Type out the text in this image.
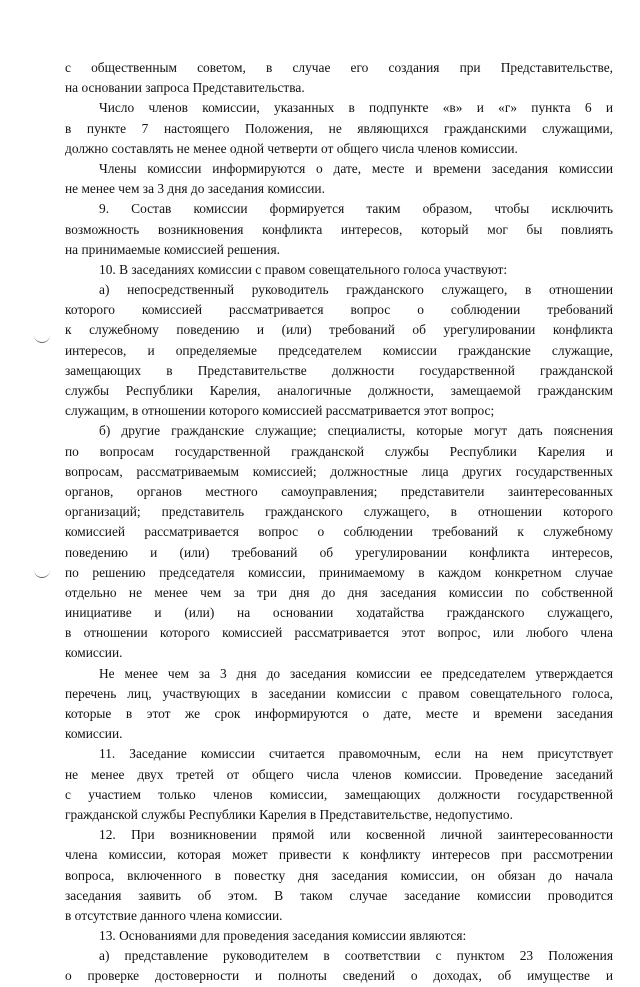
с общественным советом, в случае его создания при Представительстве,
на основании запроса Представительства.
Число членов комиссии, указанных в подпункте «в» и «г» пункта 6 и
в пункте 7 настоящего Положения, не являющихся гражданскими служащими,
должно составлять не менее одной четверти от общего числа членов комиссии.
Члены комиссии информируются о дате, месте и времени заседания комиссии
не менее чем за 3 дня до заседания комиссии.
9. Состав комиссии формируется таким образом, чтобы исключить
возможность возникновения конфликта интересов, который мог бы повлиять
на принимаемые комиссией решения.
10. В заседаниях комиссии с правом совещательного голоса участвуют:
а) непосредственный руководитель гражданского служащего, в отношении
которого комиссией рассматривается вопрос о соблюдении требований
к служебному поведению и (или) требований об урегулировании конфликта
интересов, и определяемые председателем комиссии гражданские служащие,
замещающих в Представительстве должности государственной гражданской
службы Республики Карелия, аналогичные должности, замещаемой гражданским
служащим, в отношении которого комиссией рассматривается этот вопрос;
б) другие гражданские служащие; специалисты, которые могут дать пояснения
по вопросам государственной гражданской службы Республики Карелия и
вопросам, рассматриваемым комиссией; должностные лица других государственных
органов, органов местного самоуправления; представители заинтересованных
организаций; представитель гражданского служащего, в отношении которого
комиссией рассматривается вопрос о соблюдении требований к служебному
поведению и (или) требований об урегулировании конфликта интересов,
по решению председателя комиссии, принимаемому в каждом конкретном случае
отдельно не менее чем за три дня до дня заседания комиссии по собственной
инициативе и (или) на основании ходатайства гражданского служащего,
в отношении которого комиссией рассматривается этот вопрос, или любого члена
комиссии.
Не менее чем за 3 дня до заседания комиссии ее председателем утверждается
перечень лиц, участвующих в заседании комиссии с правом совещательного голоса,
которые в этот же срок информируются о дате, месте и времени заседания
комиссии.
11. Заседание комиссии считается правомочным, если на нем присутствует
не менее двух третей от общего числа членов комиссии. Проведение заседаний
с участием только членов комиссии, замещающих должности государственной
гражданской службы Республики Карелия в Представительстве, недопустимо.
12. При возникновении прямой или косвенной личной заинтересованности
члена комиссии, которая может привести к конфликту интересов при рассмотрении
вопроса, включенного в повестку дня заседания комиссии, он обязан до начала
заседания заявить об этом. В таком случае заседание комиссии проводится
в отсутствие данного члена комиссии.
13. Основаниями для проведения заседания комиссии являются:
а) представление руководителем в соответствии с пунктом 23 Положения
о проверке достоверности и полноты сведений о доходах, об имуществе и
